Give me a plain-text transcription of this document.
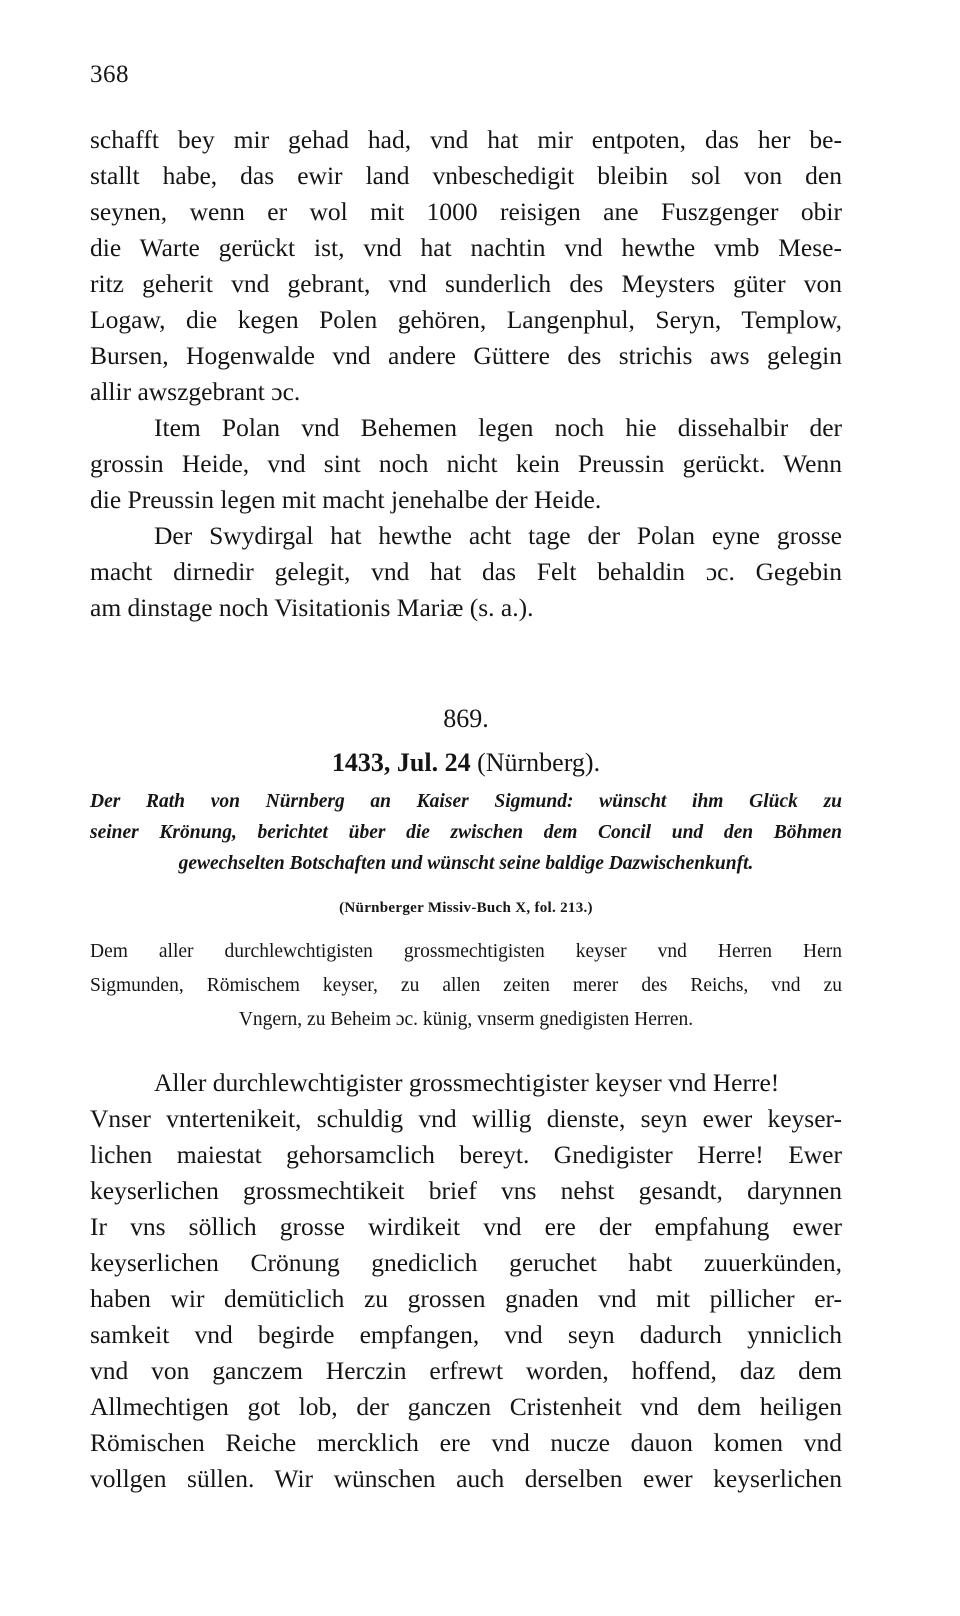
368

schafft bey mir gehad had, vnd hat mir entpoten, das her be-
stallt habe, das ewir land vnbeschedigit bleibin sol von den
seynen, wenn er wol mit 1000 reisigen ane Fuszgenger obir
die Warte gerückt ist, vnd hat nachtin vnd hewthe vmb Mese-
ritz geherit vnd gebrant, vnd sunderlich des Meysters güter von
Logaw, die kegen Polen gehören, Langenphul, Seryn, Templow,
Bursen, Hogenwalde vnd andere Güttere des strichis aws gelegin
allir awszgebrant ɔc.

Item Polan vnd Behemen legen noch hie dissehalbir der
grossin Heide, vnd sint noch nicht kein Preussin gerückt. Wenn
die Preussin legen mit macht jenehalbe der Heide.

Der Swydirgal hat hewthe acht tage der Polan eyne grosse
macht dirnedir gelegit, vnd hat das Felt behaldin ɔc. Gegebin
am dinstage noch Visitationis Mariæ (s. a.).

869.
1433, Jul. 24 (Nürnberg).
Der Rath von Nürnberg an Kaiser Sigmund: wünscht ihm Glück zu
seiner Krönung, berichtet über die zwischen dem Concil und den Böhmen
gewechselten Botschaften und wünscht seine baldige Dazwischenkunft.
(Nürnberger Missiv-Buch X, fol. 213.)
Dem aller durchlewchtigisten grossmechtigisten keyser vnd Herren Hern
Sigmunden, Römischem keyser, zu allen zeiten merer des Reichs, vnd zu
Vngern, zu Beheim ɔc. künig, vnserm gnedigisten Herren.

Aller durchlewchtigister grossmechtigister keyser vnd Herre!
Vnser vntertenikeit, schuldig vnd willig dienste, seyn ewer keyser-
lichen maiestat gehorsamclich bereyt. Gnedigister Herre! Ewer
keyserlichen grossmechtikeit brief vns nehst gesandt, darynnen
Ir vns söllich grosse wirdikeit vnd ere der empfahung ewer
keyserlichen Crönung gnediclich geruchet habt zuuerkünden,
haben wir demüticlich zu grossen gnaden vnd mit pillicher er-
samkeit vnd begirde empfangen, vnd seyn dadurch ynniclich
vnd von ganczem Herczin erfrewt worden, hoffend, daz dem
Allmechtigen got lob, der ganczen Cristenheit vnd dem heiligen
Römischen Reiche mercklich ere vnd nucze dauon komen vnd
vollgen süllen. Wir wünschen auch derselben ewer keyserlichen
